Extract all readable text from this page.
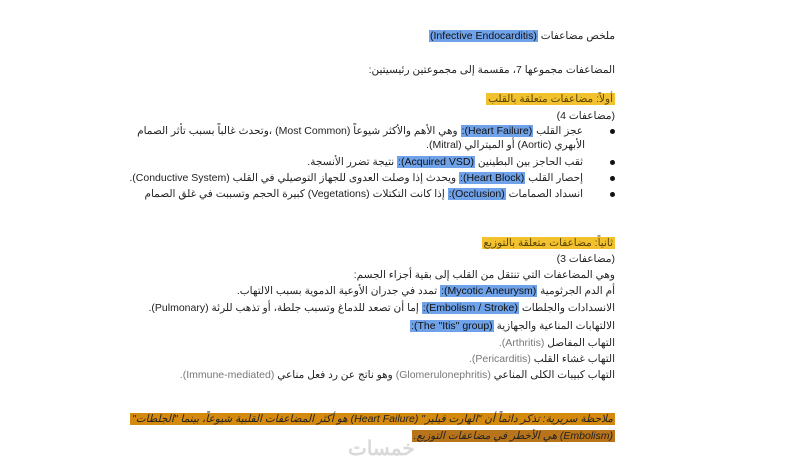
ملخص مضاعفات (Infective Endocarditis)
المضاعفات مجموعها 7، مقسمة إلى مجموعتين رئيسيتين:
أولاً: مضاعفات متعلقة بالقلب
(مضاعفات 4)
عجز القلب (Heart Failure): وهي الأهم والأكثر شيوعاً (Most Common) ،وتحدث غالباً بسبب تأثر الصمام
الأبهري (Aortic) أو الميترالي (Mitral).
ثقب الحاجز بين البطينين (Acquired VSD): نتيجة تضرر الأنسجة.
إحصار القلب (Heart Block): ويحدث إذا وصلت العدوى للجهاز التوصيلي في القلب (Conductive System).
انسداد الصمامات (Occlusion): إذا كانت التكتلات (Vegetations) كبيرة الحجم وتسببت في غلق الصمام
ثانياً: مضاعفات متعلقة بالتوزيع
(مضاعفات 3)
وهي المضاعفات التي تنتقل من القلب إلى بقية أجزاء الجسم:
أم الدم الجرثومية (Mycotic Aneurysm): تمدد في جدران الأوعية الدموية بسبب الالتهاب.
الانسدادات والجلطات (Embolism / Stroke): إما أن تصعد للدماغ وتسبب جلطة، أو تذهب للرئة (Pulmonary).
الالتهابات المناعية والجهازية (The "Itis" group):
التهاب المفاصل (Arthritis).
التهاب غشاء القلب (Pericarditis).
التهاب كبيبات الكلى المناعي (Glomerulonephritis) وهو ناتج عن رد فعل مناعي (Immune-mediated).
ملاحظة سريرية: تذكر دائماً أن "الهارت فيلير" (Heart Failure) هو أكثر المضاعفات القلبية شيوعاً، بينما "الجلطات"
(Embolism) هي الأخطر في مضاعفات التوزيع.
خمسات
